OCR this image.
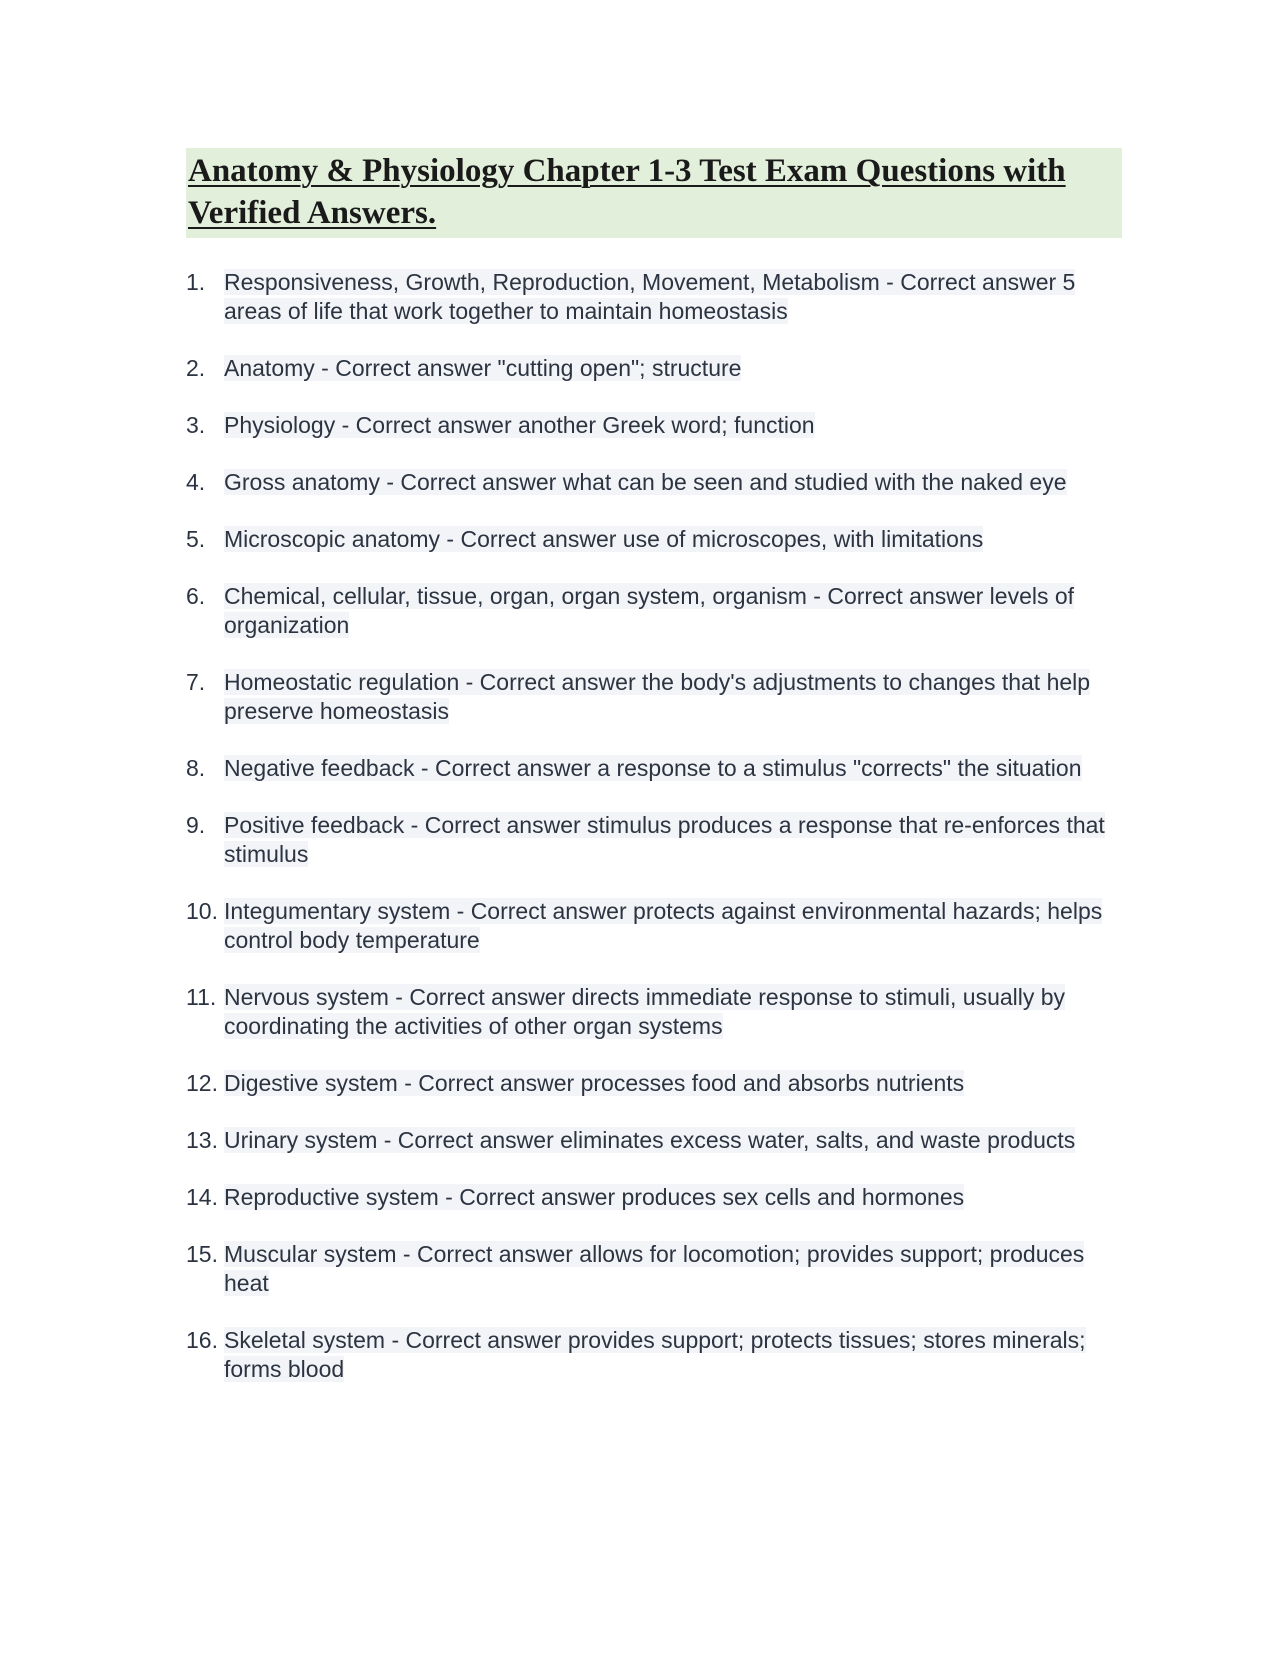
Anatomy & Physiology Chapter 1-3 Test Exam Questions with Verified Answers.
1. Responsiveness, Growth, Reproduction, Movement, Metabolism - Correct answer 5 areas of life that work together to maintain homeostasis
2. Anatomy - Correct answer "cutting open"; structure
3. Physiology - Correct answer another Greek word; function
4. Gross anatomy - Correct answer what can be seen and studied with the naked eye
5. Microscopic anatomy - Correct answer use of microscopes, with limitations
6. Chemical, cellular, tissue, organ, organ system, organism - Correct answer levels of organization
7. Homeostatic regulation - Correct answer the body's adjustments to changes that help preserve homeostasis
8. Negative feedback - Correct answer a response to a stimulus "corrects" the situation
9. Positive feedback - Correct answer stimulus produces a response that re-enforces that stimulus
10. Integumentary system - Correct answer protects against environmental hazards; helps control body temperature
11. Nervous system - Correct answer directs immediate response to stimuli, usually by coordinating the activities of other organ systems
12. Digestive system - Correct answer processes food and absorbs nutrients
13. Urinary system - Correct answer eliminates excess water, salts, and waste products
14. Reproductive system - Correct answer produces sex cells and hormones
15. Muscular system - Correct answer allows for locomotion; provides support; produces heat
16. Skeletal system - Correct answer provides support; protects tissues; stores minerals; forms blood
